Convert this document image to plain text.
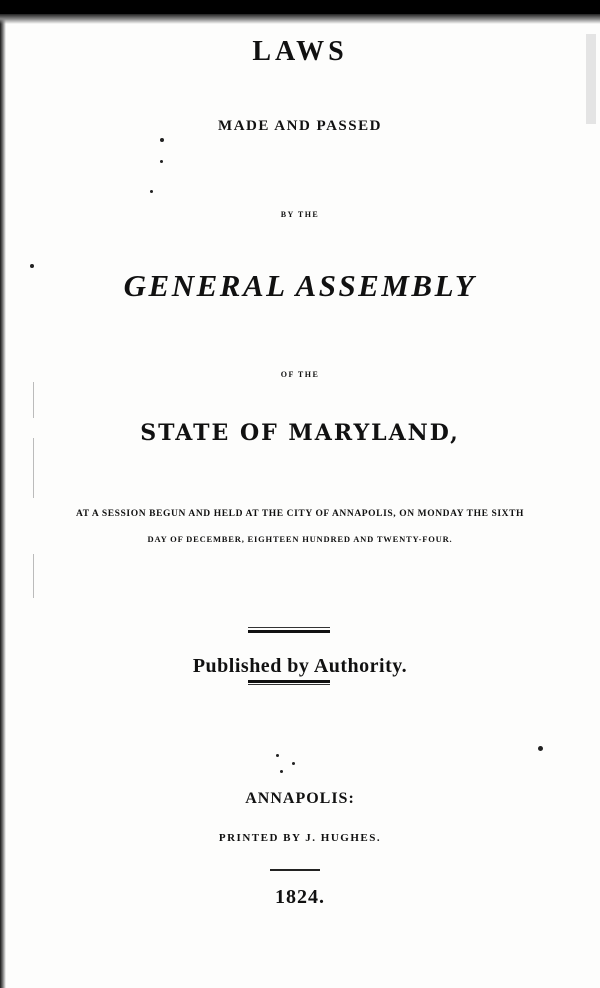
LAWS
MADE AND PASSED
BY THE
GENERAL ASSEMBLY
OF THE
STATE OF MARYLAND,
AT A SESSION BEGUN AND HELD AT THE CITY OF ANNAPOLIS, ON MONDAY THE SIXTH
DAY OF DECEMBER, EIGHTEEN HUNDRED AND TWENTY-FOUR.
Published by Authority.
ANNAPOLIS:
PRINTED BY J. HUGHES.
1824.
